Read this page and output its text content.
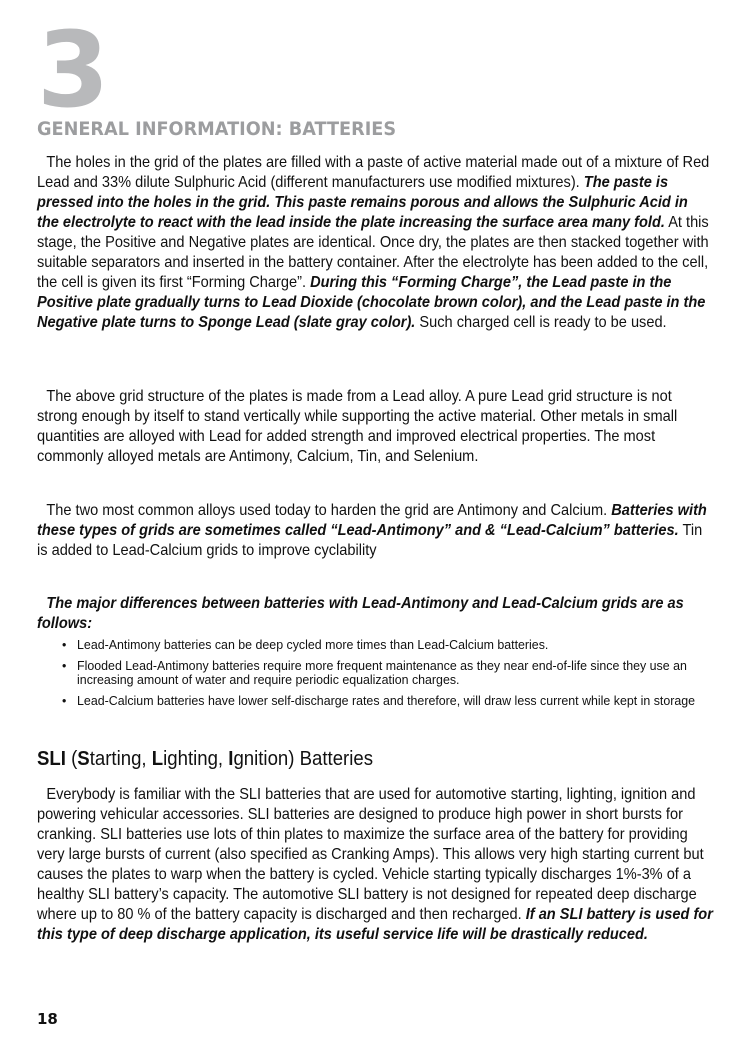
3
GENERAL INFORMATION: BATTERIES

The holes in the grid of the plates are filled with a paste of active material made out of a mixture of Red Lead and 33% dilute Sulphuric Acid (different manufacturers use modified mixtures). The paste is pressed into the holes in the grid. This paste remains porous and allows the Sulphuric Acid in the electrolyte to react with the lead inside the plate increasing the surface area many fold. At this stage, the Positive and Negative plates are identical. Once dry, the plates are then stacked together with suitable separators and inserted in the battery container. After the electrolyte has been added to the cell, the cell is given its first “Forming Charge”. During this “Forming Charge”, the Lead paste in the Positive plate gradually turns to Lead Dioxide (chocolate brown color), and the Lead paste in the Negative plate turns to Sponge Lead (slate gray color). Such charged cell is ready to be used.

The above grid structure of the plates is made from a Lead alloy. A pure Lead grid structure is not strong enough by itself to stand vertically while supporting the active material. Other metals in small quantities are alloyed with Lead for added strength and improved electrical properties. The most commonly alloyed metals are Antimony, Calcium, Tin, and Selenium.

The two most common alloys used today to harden the grid are Antimony and Calcium. Batteries with these types of grids are sometimes called “Lead-Antimony” and & “Lead-Calcium” batteries. Tin is added to Lead-Calcium grids to improve cyclability

The major differences between batteries with Lead-Antimony and Lead-Calcium grids are as follows:

• Lead-Antimony batteries can be deep cycled more times than Lead-Calcium batteries.
• Flooded Lead-Antimony batteries require more frequent maintenance as they near end-of-life since they use an increasing amount of water and require periodic equalization charges.
• Lead-Calcium batteries have lower self-discharge rates and therefore, will draw less current while kept in storage
SLI (Starting, Lighting, Ignition) Batteries

Everybody is familiar with the SLI batteries that are used for automotive starting, lighting, ignition and powering vehicular accessories. SLI batteries are designed to produce high power in short bursts for cranking. SLI batteries use lots of thin plates to maximize the surface area of the battery for providing very large bursts of current (also specified as Cranking Amps). This allows very high starting current but causes the plates to warp when the battery is cycled. Vehicle starting typically discharges 1%-3% of a healthy SLI battery’s capacity. The automotive SLI battery is not designed for repeated deep discharge where up to 80 % of the battery capacity is discharged and then recharged. If an SLI battery is used for this type of deep discharge application, its useful service life will be drastically reduced.

18
